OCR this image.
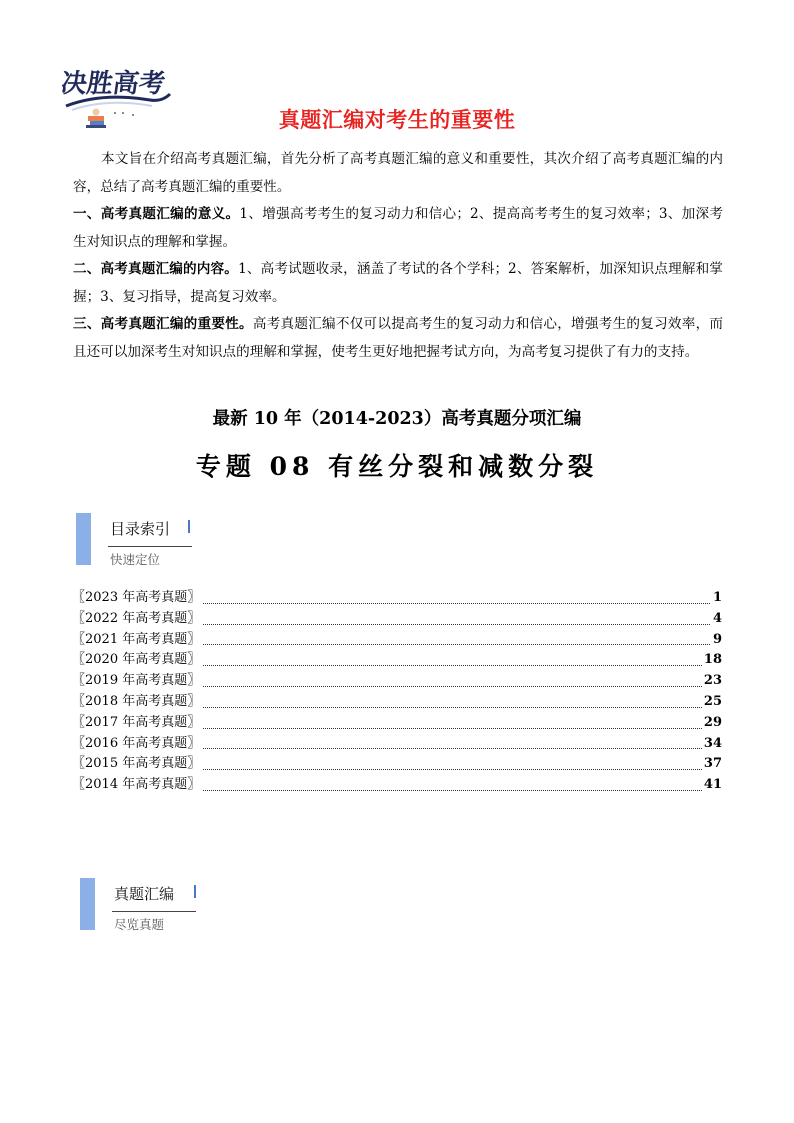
决胜高考
真题汇编对考生的重要性

本文旨在介绍高考真题汇编，首先分析了高考真题汇编的意义和重要性，其次介绍了高考真题汇编的内容，总结了高考真题汇编的重要性。

一、高考真题汇编的意义。1、增强高考考生的复习动力和信心；2、提高高考考生的复习效率；3、加深考生对知识点的理解和掌握。

二、高考真题汇编的内容。1、高考试题收录，涵盖了考试的各个学科；2、答案解析，加深知识点理解和掌握；3、复习指导，提高复习效率。

三、高考真题汇编的重要性。高考真题汇编不仅可以提高考生的复习动力和信心，增强考生的复习效率，而且还可以加深考生对知识点的理解和掌握，使考生更好地把握考试方向，为高考复习提供了有力的支持。

最新 10 年（2014-2023）高考真题分项汇编
专题 08 有丝分裂和减数分裂
目录索引
快速定位
〖2023 年高考真题〗	1
〖2022 年高考真题〗	4
〖2021 年高考真题〗	9
〖2020 年高考真题〗	18
〖2019 年高考真题〗	23
〖2018 年高考真题〗	25
〖2017 年高考真题〗	29
〖2016 年高考真题〗	34
〖2015 年高考真题〗	37
〖2014 年高考真题〗	41
真题汇编
尽览真题
